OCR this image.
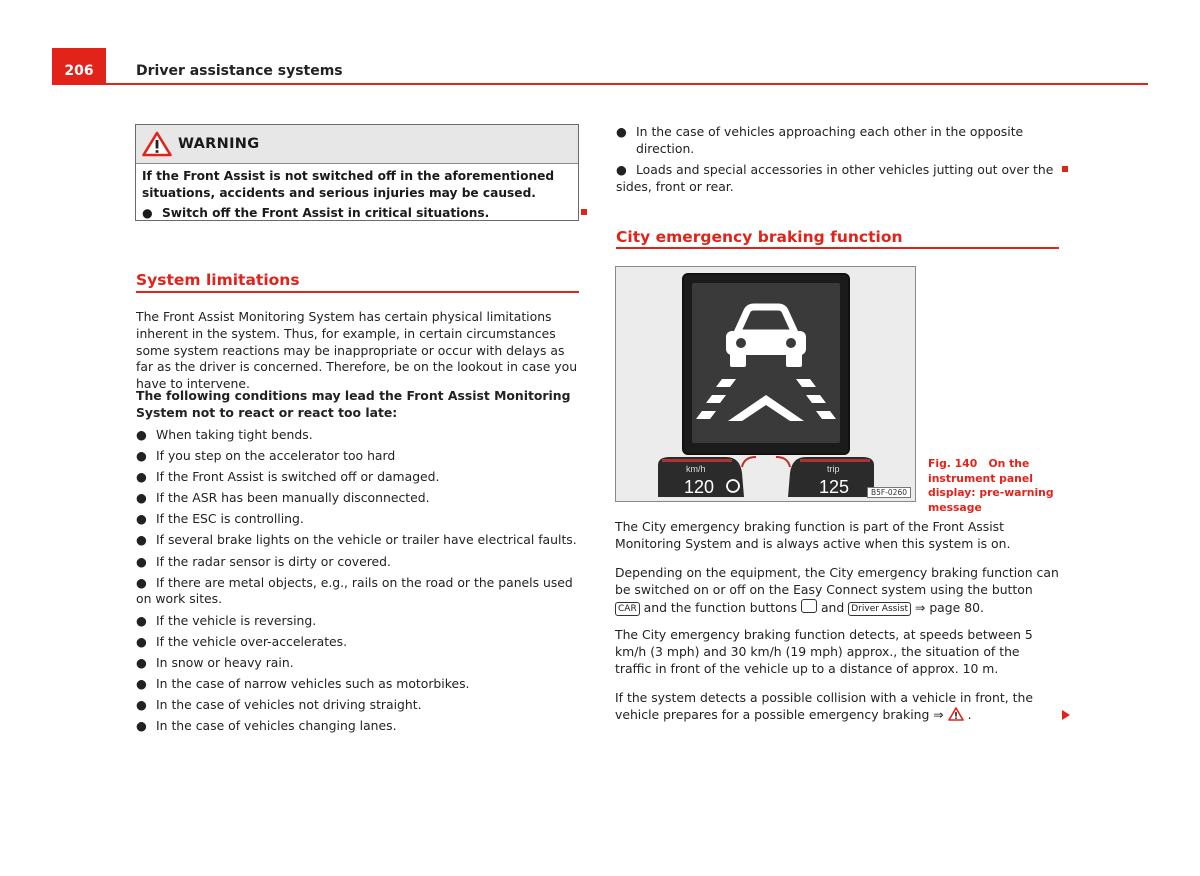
206	Driver assistance systems
WARNING
If the Front Assist is not switched off in the aforementioned situations, accidents and serious injuries may be caused.
● Switch off the Front Assist in critical situations.
System limitations
The Front Assist Monitoring System has certain physical limitations inherent in the system. Thus, for example, in certain circumstances some system reactions may be inappropriate or occur with delays as far as the driver is concerned. Therefore, be on the lookout in case you have to intervene.
The following conditions may lead the Front Assist Monitoring System not to react or react too late:
● When taking tight bends.
● If you step on the accelerator too hard
● If the Front Assist is switched off or damaged.
● If the ASR has been manually disconnected.
● If the ESC is controlling.
● If several brake lights on the vehicle or trailer have electrical faults.
● If the radar sensor is dirty or covered.
● If there are metal objects, e.g., rails on the road or the panels used on work sites.
● If the vehicle is reversing.
● If the vehicle over-accelerates.
● In snow or heavy rain.
● In the case of narrow vehicles such as motorbikes.
● In the case of vehicles not driving straight.
● In the case of vehicles changing lanes.
● In the case of vehicles approaching each other in the opposite direction.
● Loads and special accessories in other vehicles jutting out over the sides, front or rear.
City emergency braking function
km/h
120
trip
125	B5F-0260
Fig. 140 On the instrument panel display: pre-warning message
The City emergency braking function is part of the Front Assist Monitoring System and is always active when this system is on.
Depending on the equipment, the City emergency braking function can be switched on or off on the Easy Connect system using the button CAR and the function buttons and Driver Assist ⇒ page 80.
The City emergency braking function detects, at speeds between 5 km/h (3 mph) and 30 km/h (19 mph) approx., the situation of the traffic in front of the vehicle up to a distance of approx. 10 m.
If the system detects a possible collision with a vehicle in front, the vehicle prepares for a possible emergency braking ⇒ .
